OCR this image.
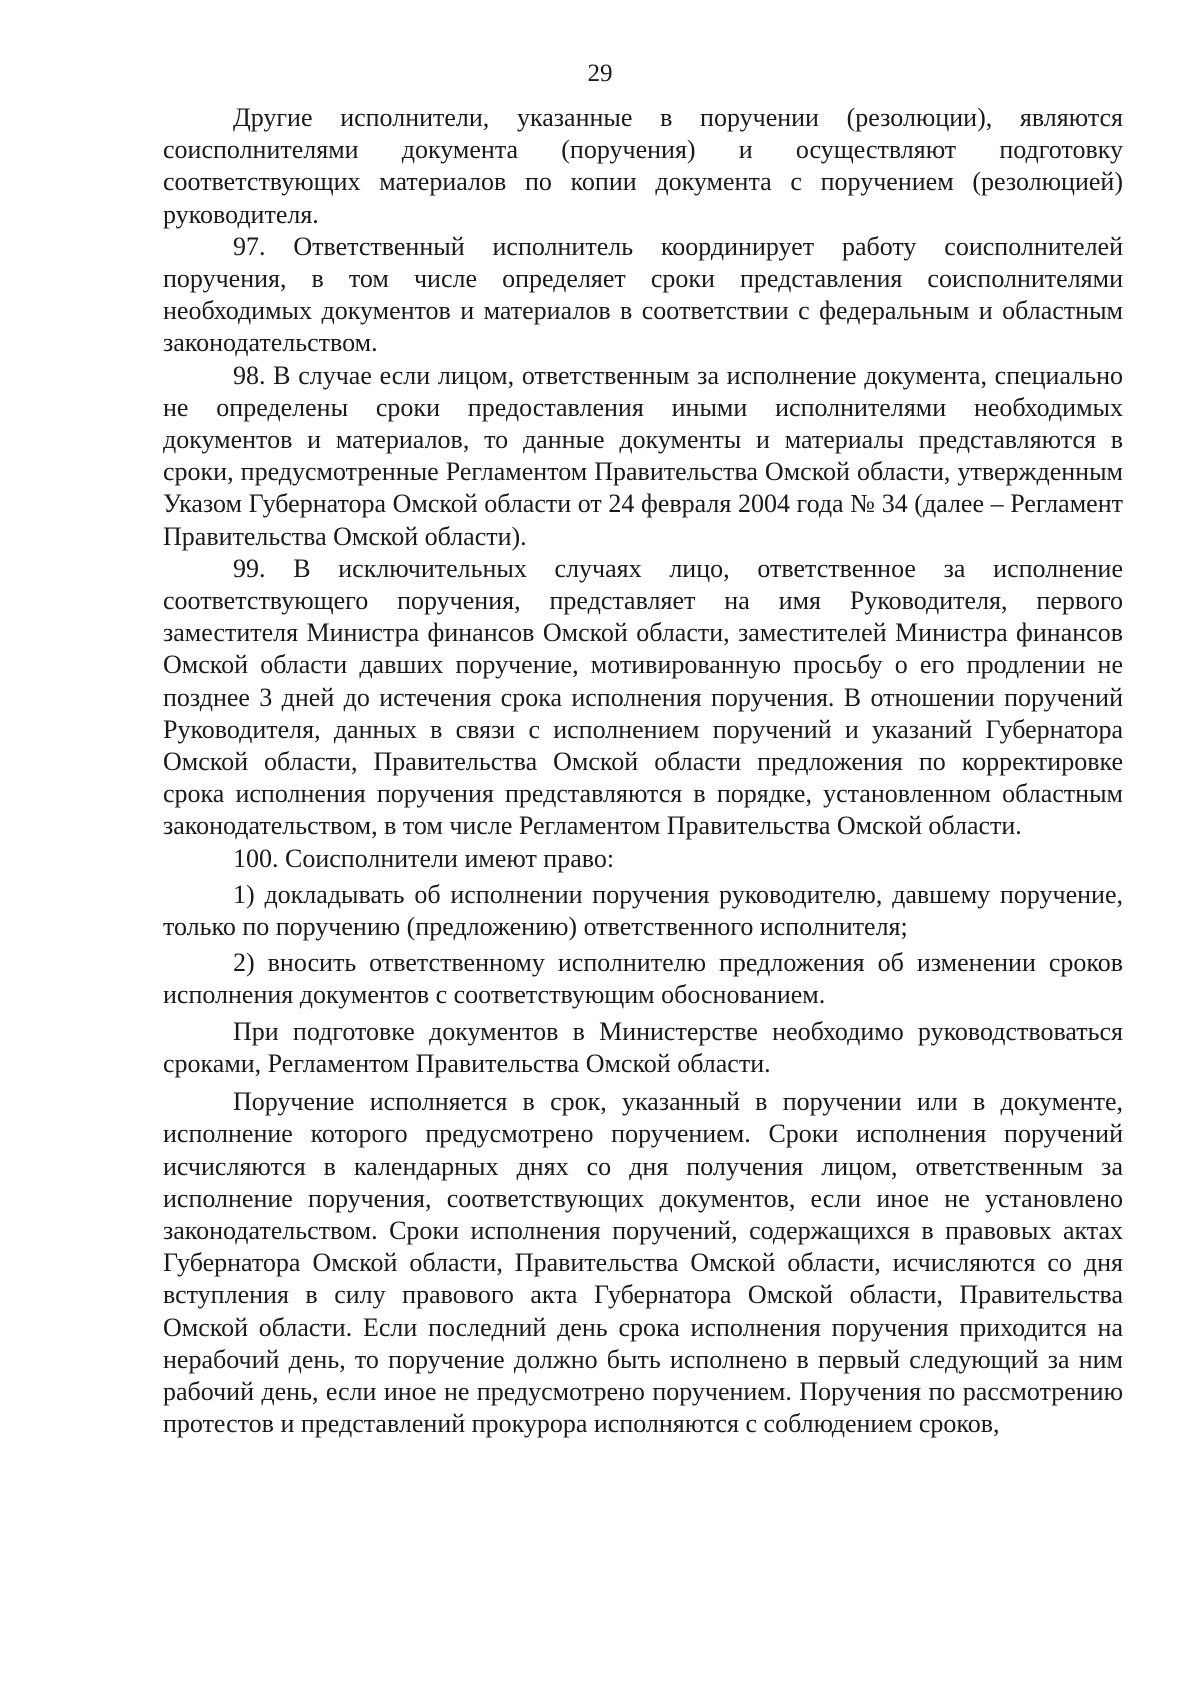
29

Другие исполнители, указанные в поручении (резолюции), являются соисполнителями документа (поручения) и осуществляют подготовку соответствующих материалов по копии документа с поручением (резолюцией) руководителя.

97. Ответственный исполнитель координирует работу соисполнителей поручения, в том числе определяет сроки представления соисполнителями необходимых документов и материалов в соответствии с федеральным и областным законодательством.

98. В случае если лицом, ответственным за исполнение документа, специально не определены сроки предоставления иными исполнителями необходимых документов и материалов, то данные документы и материалы представляются в сроки, предусмотренные Регламентом Правительства Омской области, утвержденным Указом Губернатора Омской области от 24 февраля 2004 года № 34 (далее – Регламент Правительства Омской области).

99. В исключительных случаях лицо, ответственное за исполнение соответствующего поручения, представляет на имя Руководителя, первого заместителя Министра финансов Омской области, заместителей Министра финансов Омской области давших поручение, мотивированную просьбу о его продлении не позднее 3 дней до истечения срока исполнения поручения. В отношении поручений Руководителя, данных в связи с исполнением поручений и указаний Губернатора Омской области, Правительства Омской области предложения по корректировке срока исполнения поручения представляются в порядке, установленном областным законодательством, в том числе Регламентом Правительства Омской области.

100. Соисполнители имеют право:

1) докладывать об исполнении поручения руководителю, давшему поручение, только по поручению (предложению) ответственного исполнителя;

2) вносить ответственному исполнителю предложения об изменении сроков исполнения документов с соответствующим обоснованием.

При подготовке документов в Министерстве необходимо руководствоваться сроками, Регламентом Правительства Омской области.

Поручение исполняется в срок, указанный в поручении или в документе, исполнение которого предусмотрено поручением. Сроки исполнения поручений исчисляются в календарных днях со дня получения лицом, ответственным за исполнение поручения, соответствующих документов, если иное не установлено законодательством. Сроки исполнения поручений, содержащихся в правовых актах Губернатора Омской области, Правительства Омской области, исчисляются со дня вступления в силу правового акта Губернатора Омской области, Правительства Омской области. Если последний день срока исполнения поручения приходится на нерабочий день, то поручение должно быть исполнено в первый следующий за ним рабочий день, если иное не предусмотрено поручением. Поручения по рассмотрению протестов и представлений прокурора исполняются с соблюдением сроков,
